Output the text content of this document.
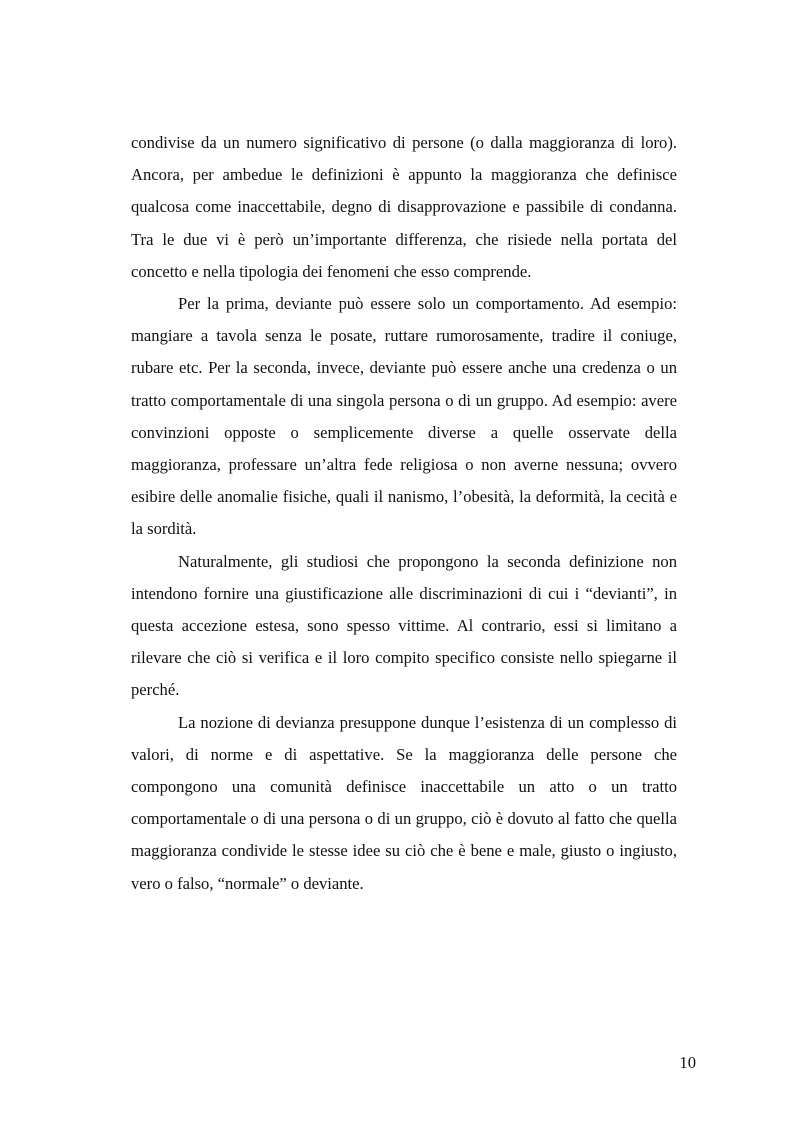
condivise da un numero significativo di persone (o dalla maggioranza di loro). Ancora, per ambedue le definizioni è appunto la maggioranza che definisce qualcosa come inaccettabile, degno di disapprovazione e passibile di condanna. Tra le due vi è però un’importante differenza, che risiede nella portata del concetto e nella tipologia dei fenomeni che esso comprende.

Per la prima, deviante può essere solo un comportamento. Ad esempio: mangiare a tavola senza le posate, ruttare rumorosamente, tradire il coniuge, rubare etc. Per la seconda, invece, deviante può essere anche una credenza o un tratto comportamentale di una singola persona o di un gruppo. Ad esempio: avere convinzioni opposte o semplicemente diverse a quelle osservate della maggioranza, professare un’altra fede religiosa o non averne nessuna; ovvero esibire delle anomalie fisiche, quali il nanismo, l’obesità, la deformità, la cecità e la sordità.

Naturalmente, gli studiosi che propongono la seconda definizione non intendono fornire una giustificazione alle discriminazioni di cui i “devianti”, in questa accezione estesa, sono spesso vittime. Al contrario, essi si limitano a rilevare che ciò si verifica e il loro compito specifico consiste nello spiegarne il perché.

La nozione di devianza presuppone dunque l’esistenza di un complesso di valori, di norme e di aspettative. Se la maggioranza delle persone che compongono una comunità definisce inaccettabile un atto o un tratto comportamentale o di una persona o di un gruppo, ciò è dovuto al fatto che quella maggioranza condivide le stesse idee su ciò che è bene e male, giusto o ingiusto, vero o falso, “normale” o deviante.

10
